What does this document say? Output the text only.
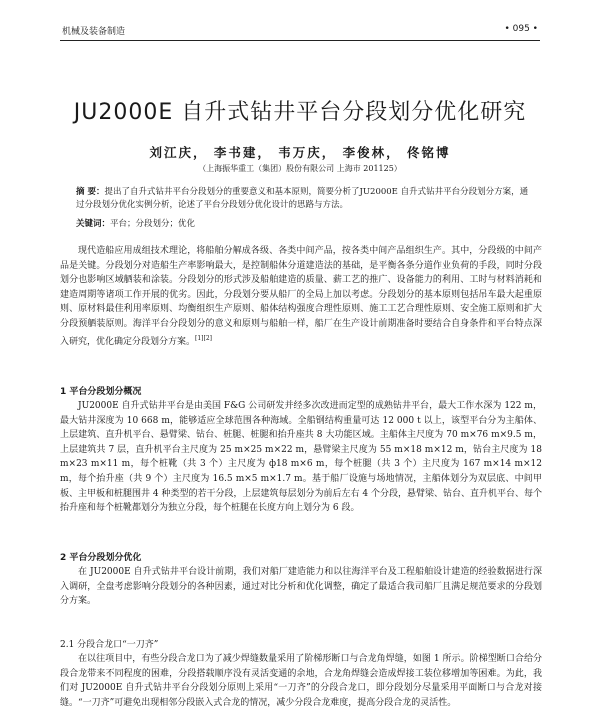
机械及装备制造	• 095 •
JU2000E 自升式钻井平台分段划分优化研究
刘江庆， 李书建， 韦万庆， 李俊林， 佟铭博
（上海振华重工（集团）股份有限公司 上海市 201125）
摘 要：提出了自升式钻井平台分段划分的重要意义和基本原则，简要分析了JU2000E 自升式钻井平台分段划分方案，通过分段划分优化实例分析，论述了平台分段划分优化设计的思路与方法。
关键词：平台；分段划分；优化

现代造船应用成组技术理论，将船舶分解成各级、各类中间产品，按各类中间产品组织生产。其中，分段级的中间产品是关键。分段划分对造船生产率影响最大，是控制船体分道建造法的基础，是平衡各条分道作业负荷的手段，同时分段划分也影响区域舾装和涂装。分段划分的形式涉及船舶建造的质量、薪工艺的推广、设备能力的利用、工时与材料消耗和建造周期等诸项工作开展的优劣。因此，分段划分要从船厂的全局上加以考虑。分段划分的基本原则包括吊车最大起重原则、原材料最佳利用率原则、均衡组织生产原则、船体结构强度合理性原则、施工工艺合理性原则、安全施工原则和扩大分段预舾装原则。海洋平台分段划分的意义和原则与船舶一样，船厂在生产设计前期准备时要结合自身条件和平台特点深入研究，优化确定分段划分方案。[1][2]

1 平台分段划分概况

JU2000E 自升式钻井平台是由美国 F&G 公司研发并经多次改进而定型的成熟钻井平台，最大工作水深为 122 m，最大钻井深度为 10 668 m，能够适应全球范围各种海域。全船钢结构重量可达 12 000 t 以上，该型平台分为主船体、上层建筑、直升机平台、悬臂梁、钻台、桩腿、桩腿和抬升座共 8 大功能区域。主船体主尺度为 70 m×76 m×9.5 m，上层建筑共 7 层，直升机平台主尺度为 25 m×25 m×22 m，悬臂梁主尺度为 55 m×18 m×12 m，钻台主尺度为 18 m×23 m×11 m，每个桩靴（共 3 个）主尺度为 ф18 m×6 m，每个桩腿（共 3 个）主尺度为 167 m×14 m×12 m，每个抬升座（共 9 个）主尺度为 16.5 m×5 m×1.7 m。基于船厂设施与场地情况，主船体划分为双层底、中间甲板、主甲板和桩腿围井 4 种类型的若干分段，上层建筑每层划分为前后左右 4 个分段，悬臂梁、钻台、直升机平台、每个抬升座和每个桩靴都划分为独立分段，每个桩腿在长度方向上划分为 6 段。

2 平台分段划分优化

在 JU2000E 自升式钻井平台设计前期，我们对船厂建造能力和以往海洋平台及工程船舶设计建造的经验数据进行深入调研，全盘考虑影响分段划分的各种因素，通过对比分析和优化调整，确定了最适合我司船厂且满足规范要求的分段划分方案。

2.1 分段合龙口“一刀齐”

在以往项目中，有些分段合龙口为了减少焊缝数量采用了阶梯形断口与合龙角焊缝，如图 1 所示。阶梯型断口合给分段合龙带来不同程度的困难，分段搭载顺序没有灵活变通的余地，合龙角焊缝会造成焊接工装位移增加等困难。为此，我们对 JU2000E 自升式钻井平台分段划分原则上采用“一刀齐”的分段合龙口，即分段划分尽量采用平面断口与合龙对接缝。“一刀齐”可避免出现相邻分段嵌入式合龙的情况，减少分段合龙难度，提高分段合龙的灵活性。
